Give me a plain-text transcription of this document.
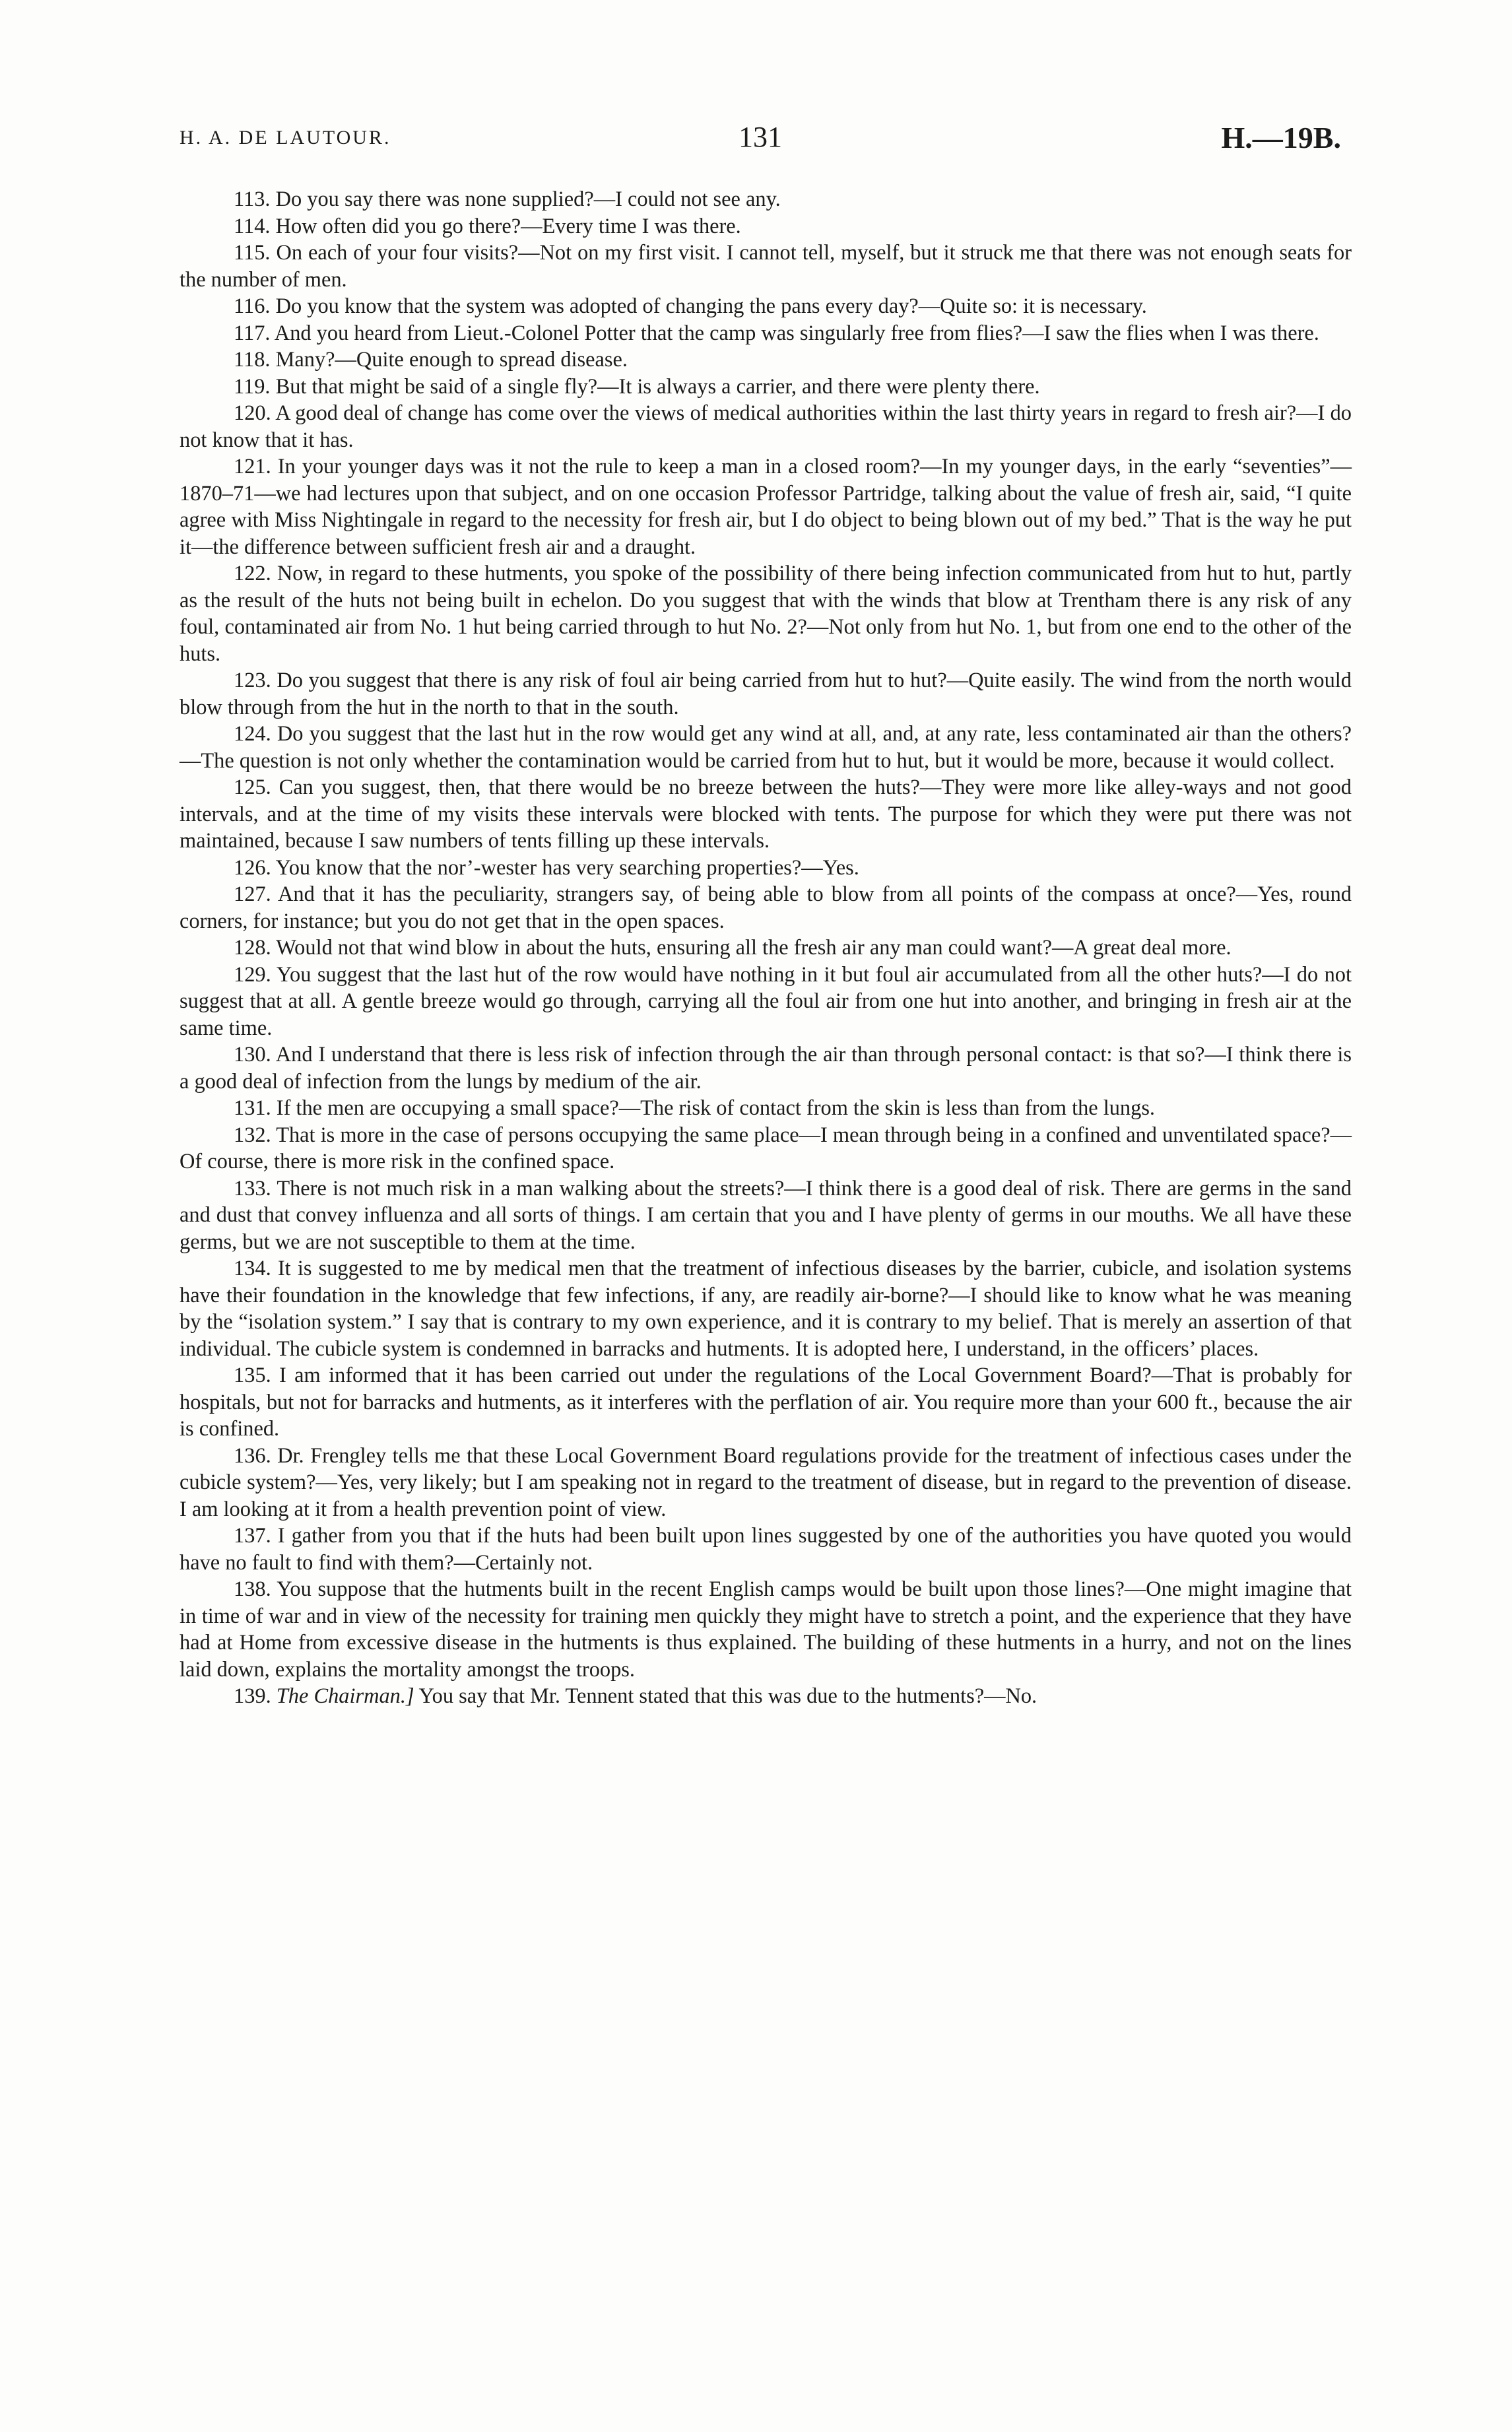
H. A. DE LAUTOUR.	131	H.—19B.

113. Do you say there was none supplied?—I could not see any.

114. How often did you go there?—Every time I was there.

115. On each of your four visits?—Not on my first visit. I cannot tell, myself, but it struck me that there was not enough seats for the number of men.

116. Do you know that the system was adopted of changing the pans every day?—Quite so: it is necessary.

117. And you heard from Lieut.-Colonel Potter that the camp was singularly free from flies?—I saw the flies when I was there.

118. Many?—Quite enough to spread disease.

119. But that might be said of a single fly?—It is always a carrier, and there were plenty there.

120. A good deal of change has come over the views of medical authorities within the last thirty years in regard to fresh air?—I do not know that it has.

121. In your younger days was it not the rule to keep a man in a closed room?—In my younger days, in the early “seventies”—1870–71—we had lectures upon that subject, and on one occasion Professor Partridge, talking about the value of fresh air, said, “I quite agree with Miss Nightingale in regard to the necessity for fresh air, but I do object to being blown out of my bed.” That is the way he put it—the difference between sufficient fresh air and a draught.

122. Now, in regard to these hutments, you spoke of the possibility of there being infection communicated from hut to hut, partly as the result of the huts not being built in echelon. Do you suggest that with the winds that blow at Trentham there is any risk of any foul, contaminated air from No. 1 hut being carried through to hut No. 2?—Not only from hut No. 1, but from one end to the other of the huts.

123. Do you suggest that there is any risk of foul air being carried from hut to hut?—Quite easily. The wind from the north would blow through from the hut in the north to that in the south.

124. Do you suggest that the last hut in the row would get any wind at all, and, at any rate, less contaminated air than the others?—The question is not only whether the contamination would be carried from hut to hut, but it would be more, because it would collect.

125. Can you suggest, then, that there would be no breeze between the huts?—They were more like alley-ways and not good intervals, and at the time of my visits these intervals were blocked with tents. The purpose for which they were put there was not maintained, because I saw numbers of tents filling up these intervals.

126. You know that the nor’-wester has very searching properties?—Yes.

127. And that it has the peculiarity, strangers say, of being able to blow from all points of the compass at once?—Yes, round corners, for instance; but you do not get that in the open spaces.

128. Would not that wind blow in about the huts, ensuring all the fresh air any man could want?—A great deal more.

129. You suggest that the last hut of the row would have nothing in it but foul air accumulated from all the other huts?—I do not suggest that at all. A gentle breeze would go through, carrying all the foul air from one hut into another, and bringing in fresh air at the same time.

130. And I understand that there is less risk of infection through the air than through personal contact: is that so?—I think there is a good deal of infection from the lungs by medium of the air.

131. If the men are occupying a small space?—The risk of contact from the skin is less than from the lungs.

132. That is more in the case of persons occupying the same place—I mean through being in a confined and unventilated space?—Of course, there is more risk in the confined space.

133. There is not much risk in a man walking about the streets?—I think there is a good deal of risk. There are germs in the sand and dust that convey influenza and all sorts of things. I am certain that you and I have plenty of germs in our mouths. We all have these germs, but we are not susceptible to them at the time.

134. It is suggested to me by medical men that the treatment of infectious diseases by the barrier, cubicle, and isolation systems have their foundation in the knowledge that few infections, if any, are readily air-borne?—I should like to know what he was meaning by the “isolation system.” I say that is contrary to my own experience, and it is contrary to my belief. That is merely an assertion of that individual. The cubicle system is condemned in barracks and hutments. It is adopted here, I understand, in the officers’ places.

135. I am informed that it has been carried out under the regulations of the Local Government Board?—That is probably for hospitals, but not for barracks and hutments, as it interferes with the perflation of air. You require more than your 600 ft., because the air is confined.

136. Dr. Frengley tells me that these Local Government Board regulations provide for the treatment of infectious cases under the cubicle system?—Yes, very likely; but I am speaking not in regard to the treatment of disease, but in regard to the prevention of disease. I am looking at it from a health prevention point of view.

137. I gather from you that if the huts had been built upon lines suggested by one of the authorities you have quoted you would have no fault to find with them?—Certainly not.

138. You suppose that the hutments built in the recent English camps would be built upon those lines?—One might imagine that in time of war and in view of the necessity for training men quickly they might have to stretch a point, and the experience that they have had at Home from excessive disease in the hutments is thus explained. The building of these hutments in a hurry, and not on the lines laid down, explains the mortality amongst the troops.

139. The Chairman.] You say that Mr. Tennent stated that this was due to the hutments?—No.
